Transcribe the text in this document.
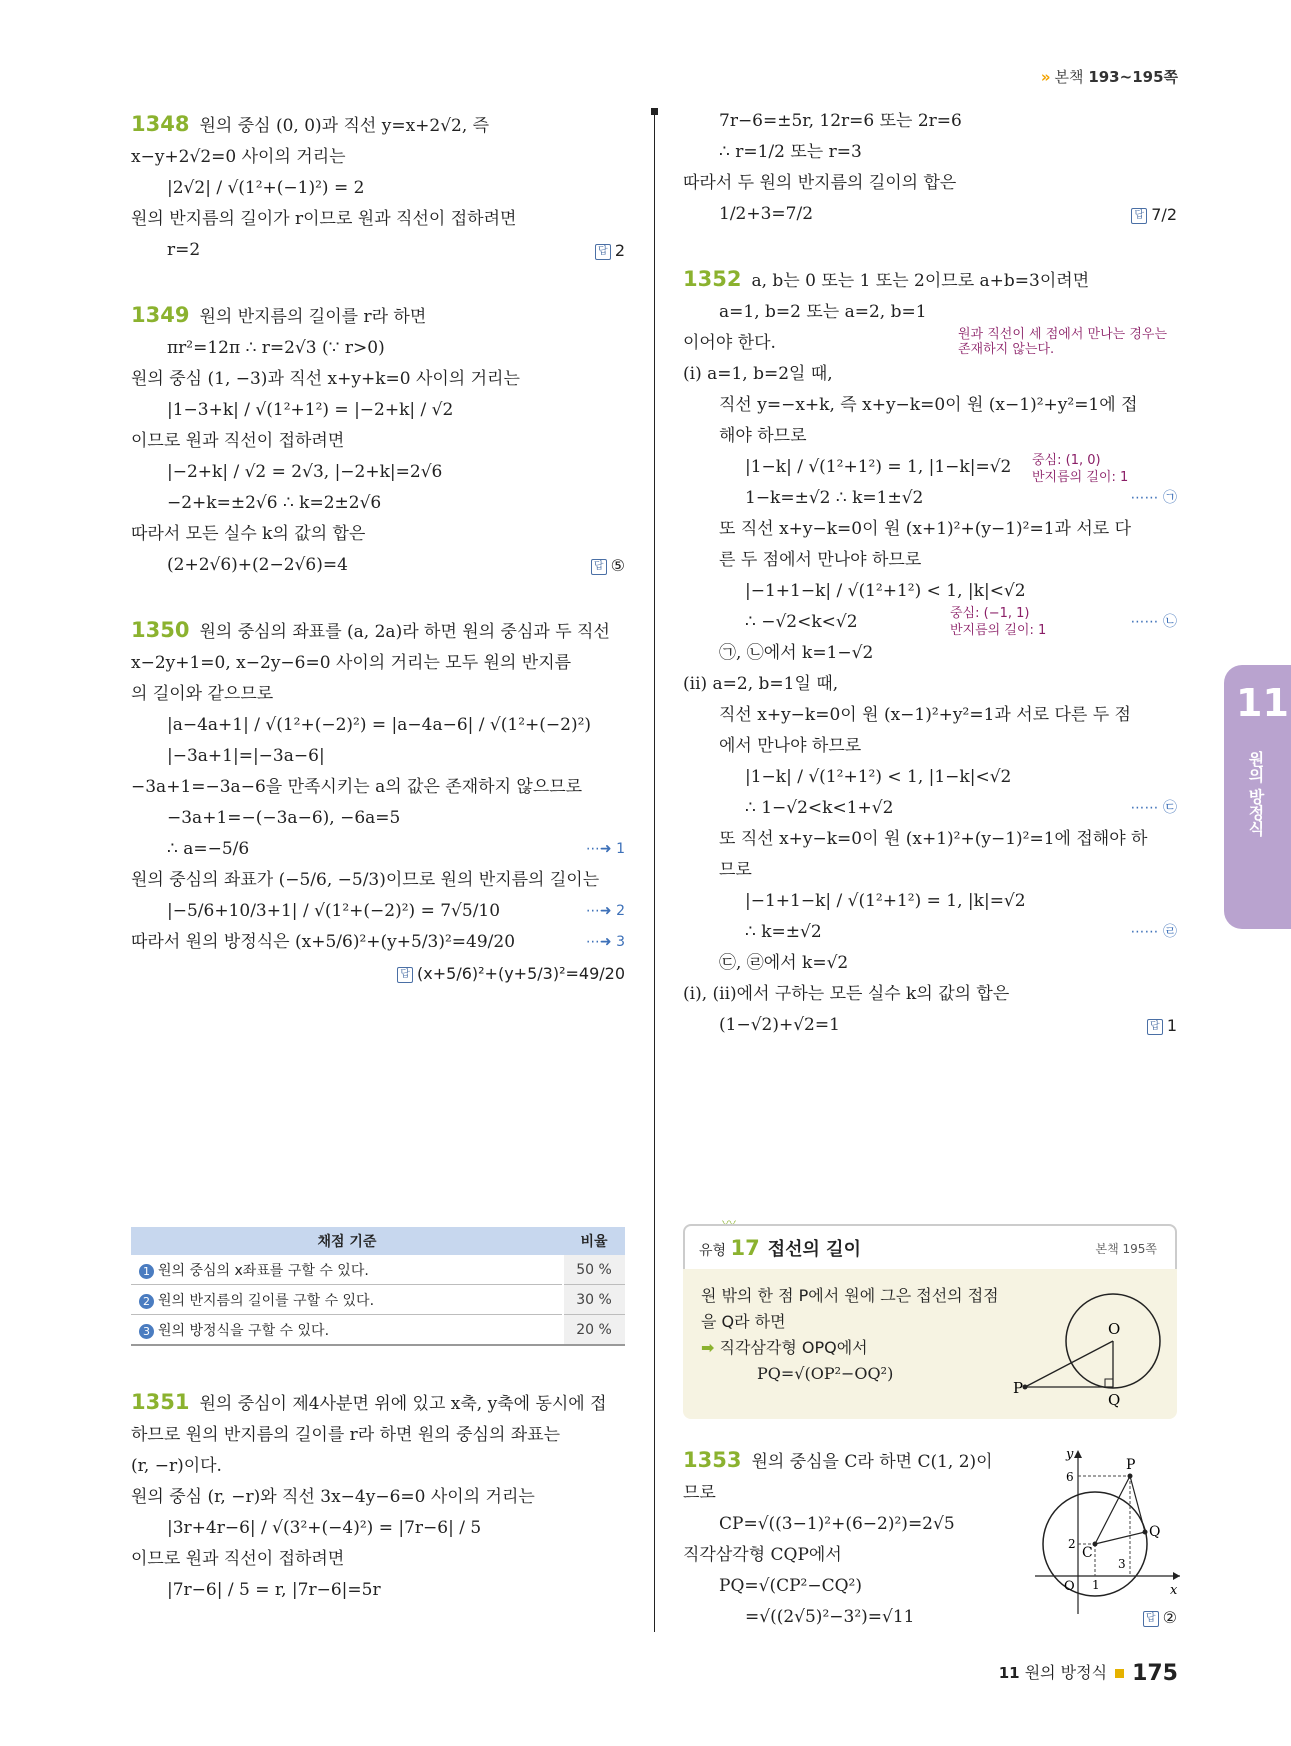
» 본책 193~195쪽
1348 원의 중심 (0, 0)과 직선 y=x+2√2, 즉
x−y+2√2=0 사이의 거리는
|2√2| / √(1²+(−1)²) = 2
원의 반지름의 길이가 r이므로 원과 직선이 접하려면
r=2	답 2
1349 원의 반지름의 길이를 r라 하면
πr²=12π ∴ r=2√3 (∵ r>0)
원의 중심 (1, −3)과 직선 x+y+k=0 사이의 거리는
|1−3+k| / √(1²+1²) = |−2+k| / √2
이므로 원과 직선이 접하려면
|−2+k| / √2 = 2√3, |−2+k|=2√6
−2+k=±2√6 ∴ k=2±2√6
따라서 모든 실수 k의 값의 합은
(2+2√6)+(2−2√6)=4	답 ⑤
1350 원의 중심의 좌표를 (a, 2a)라 하면 원의 중심과 두 직선
x−2y+1=0, x−2y−6=0 사이의 거리는 모두 원의 반지름
의 길이와 같으므로
|a−4a+1| / √(1²+(−2)²) = |a−4a−6| / √(1²+(−2)²)
|−3a+1|=|−3a−6|
−3a+1=−3a−6을 만족시키는 a의 값은 존재하지 않으므로
−3a+1=−(−3a−6), −6a=5
∴ a=−5/6	⋯➜ 1
원의 중심의 좌표가 (−5/6, −5/3)이므로 원의 반지름의 길이는
|−5/6+10/3+1| / √(1²+(−2)²) = 7√5/10	⋯➜ 2
따라서 원의 방정식은 (x+5/6)²+(y+5/3)²=49/20	⋯➜ 3
답 (x+5/6)²+(y+5/3)²=49/20
채점 기준	비율
1 원의 중심의 x좌표를 구할 수 있다.	50 %
2 원의 반지름의 길이를 구할 수 있다.	30 %
3 원의 방정식을 구할 수 있다.	20 %
1351 원의 중심이 제4사분면 위에 있고 x축, y축에 동시에 접
하므로 원의 반지름의 길이를 r라 하면 원의 중심의 좌표는
(r, −r)이다.
원의 중심 (r, −r)와 직선 3x−4y−6=0 사이의 거리는
|3r+4r−6| / √(3²+(−4)²) = |7r−6| / 5
이므로 원과 직선이 접하려면
|7r−6| / 5 = r, |7r−6|=5r
7r−6=±5r, 12r=6 또는 2r=6
∴ r=1/2 또는 r=3
따라서 두 원의 반지름의 길이의 합은
1/2+3=7/2	답 7/2
1352 a, b는 0 또는 1 또는 2이므로 a+b=3이려면
a=1, b=2 또는 a=2, b=1
이어야 한다.
(i) a=1, b=2일 때,
직선 y=−x+k, 즉 x+y−k=0이 원 (x−1)²+y²=1에 접
해야 하므로
|1−k| / √(1²+1²) = 1, |1−k|=√2
1−k=±√2 ∴ k=1±√2	⋯⋯ ㉠
또 직선 x+y−k=0이 원 (x+1)²+(y−1)²=1과 서로 다
른 두 점에서 만나야 하므로
|−1+1−k| / √(1²+1²) < 1, |k|<√2
∴ −√2<k<√2	⋯⋯ ㉡
㉠, ㉡에서 k=1−√2
(ii) a=2, b=1일 때,
직선 x+y−k=0이 원 (x−1)²+y²=1과 서로 다른 두 점
에서 만나야 하므로
|1−k| / √(1²+1²) < 1, |1−k|<√2
∴ 1−√2<k<1+√2	⋯⋯ ㉢
또 직선 x+y−k=0이 원 (x+1)²+(y−1)²=1에 접해야 하
므로
|−1+1−k| / √(1²+1²) = 1, |k|=√2
∴ k=±√2	⋯⋯ ㉣
㉢, ㉣에서 k=√2
(i), (ii)에서 구하는 모든 실수 k의 값의 합은
(1−√2)+√2=1	답 1
원과 직선이 세 점에서 만나는 경우는 존재하지 않는다.
중심: (1, 0)
반지름의 길이: 1
중심: (−1, 1)
반지름의 길이: 1
유형 17 접선의 길이	본책 195쪽
원 밖의 한 점 P에서 원에 그은 접선의 접점
을 Q라 하면
➡ 직각삼각형 OPQ에서
PQ=√(OP²−OQ²)
O
P
Q
1353 원의 중심을 C라 하면 C(1, 2)이
므로
CP=√((3−1)²+(6−2)²)=2√5
직각삼각형 CQP에서
PQ=√(CP²−CQ²)
=√((2√5)²−3²)=√11	답 ②
y
x
P
Q
C
O
6
2
1
3
11
원의 방정식
11 원의 방정식 175
